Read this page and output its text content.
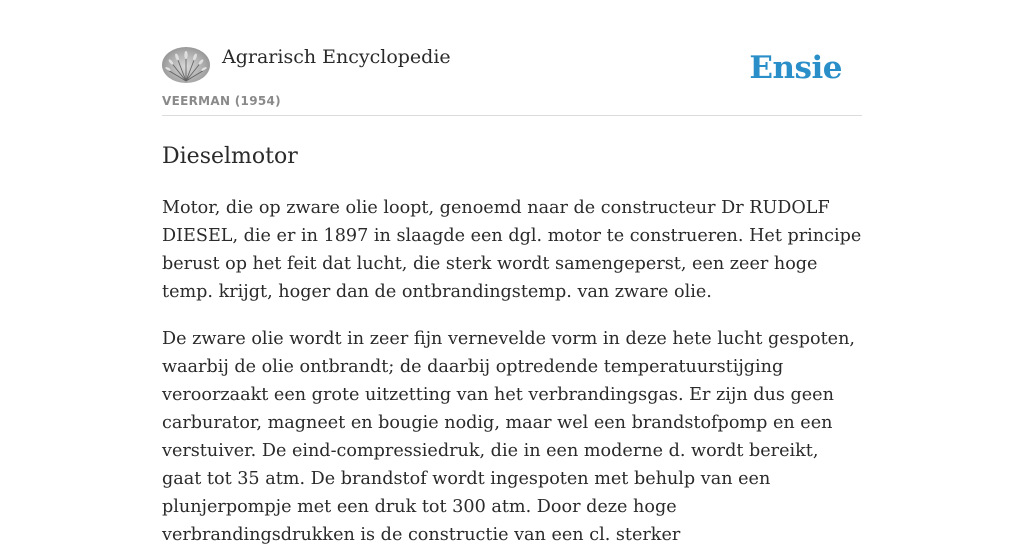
Agrarisch Encyclopedie
VEERMAN (1954)
Ensie
Dieselmotor

Motor, die op zware olie loopt, genoemd naar de constructeur Dr RUDOLF DIESEL, die er in 1897 in slaagde een dgl. motor te construeren. Het principe berust op het feit dat lucht, die sterk wordt samengeperst, een zeer hoge temp. krijgt, hoger dan de ontbrandingstemp. van zware olie.

De zware olie wordt in zeer fijn vernevelde vorm in deze hete lucht gespoten, waarbij de olie ontbrandt; de daarbij optredende temperatuurstijging veroorzaakt een grote uitzetting van het verbrandingsgas. Er zijn dus geen carburator, magneet en bougie nodig, maar wel een brandstofpomp en een verstuiver. De eind-compressiedruk, die in een moderne d. wordt bereikt, gaat tot 35 atm. De brandstof wordt ingespoten met behulp van een plunjerpompje met een druk tot 300 atm. Door deze hoge verbrandingsdrukken is de constructie van een cl. sterker
